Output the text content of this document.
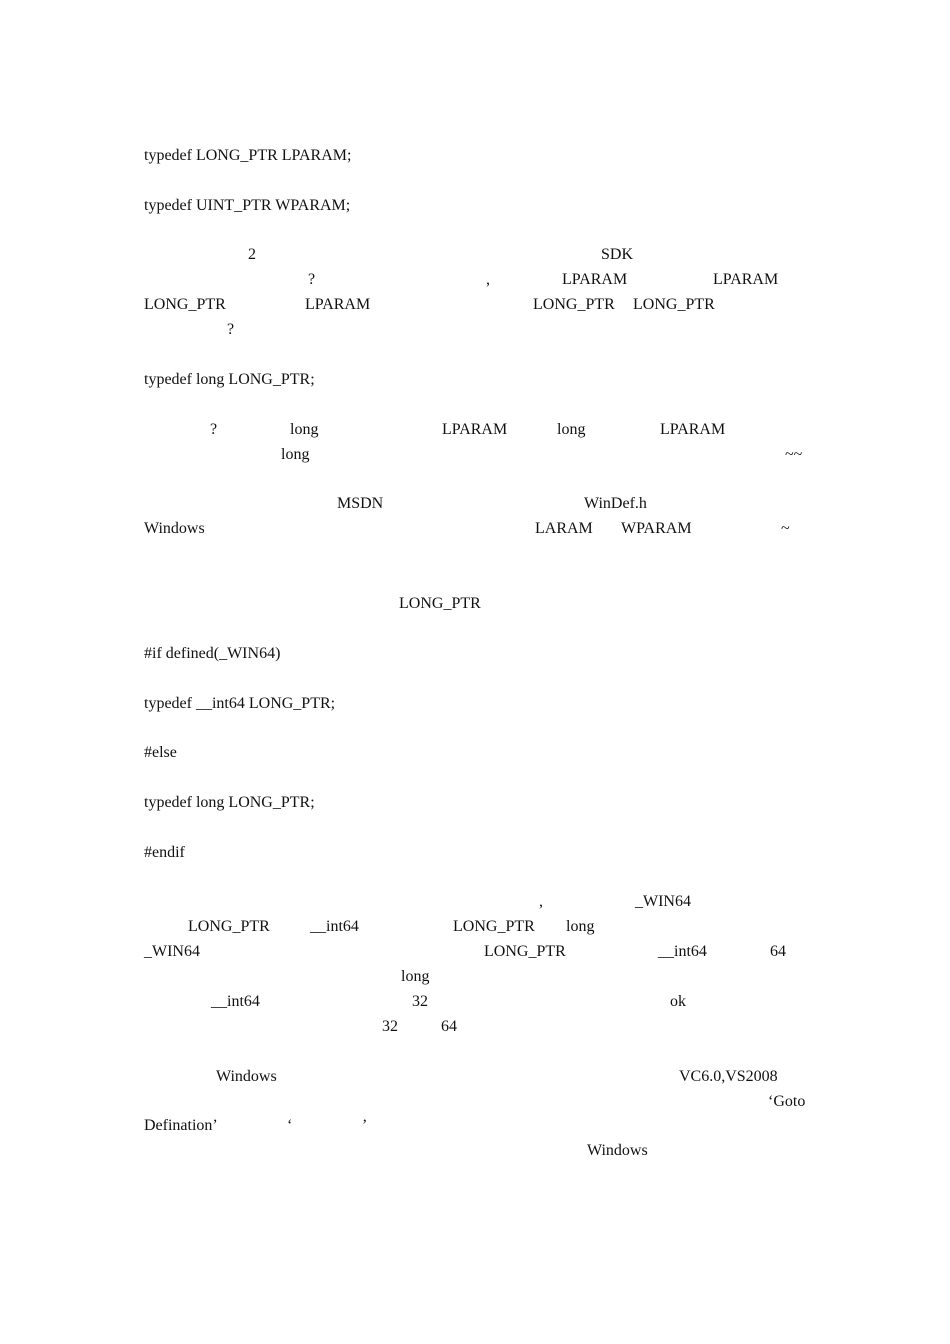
typedef LONG_PTR LPARAM;
typedef UINT_PTR WPARAM;
2	SDK
?	,	LPARAM	LPARAM
LONG_PTR	LPARAM	LONG_PTR LONG_PTR
?
typedef long LONG_PTR;
?	long	LPARAM	long	LPARAM
long	~~
MSDN	WinDef.h
Windows	LARAM WPARAM	~
LONG_PTR
#if defined(_WIN64)
typedef __int64 LONG_PTR;
#else
typedef long LONG_PTR;
#endif
,	_WIN64
LONG_PTR	__int64	LONG_PTR long
_WIN64	LONG_PTR	__int64	64
long
__int64	32	ok
32	64
Windows	VC6.0,VS2008
‘Goto
Defination’	‘	’
Windows
